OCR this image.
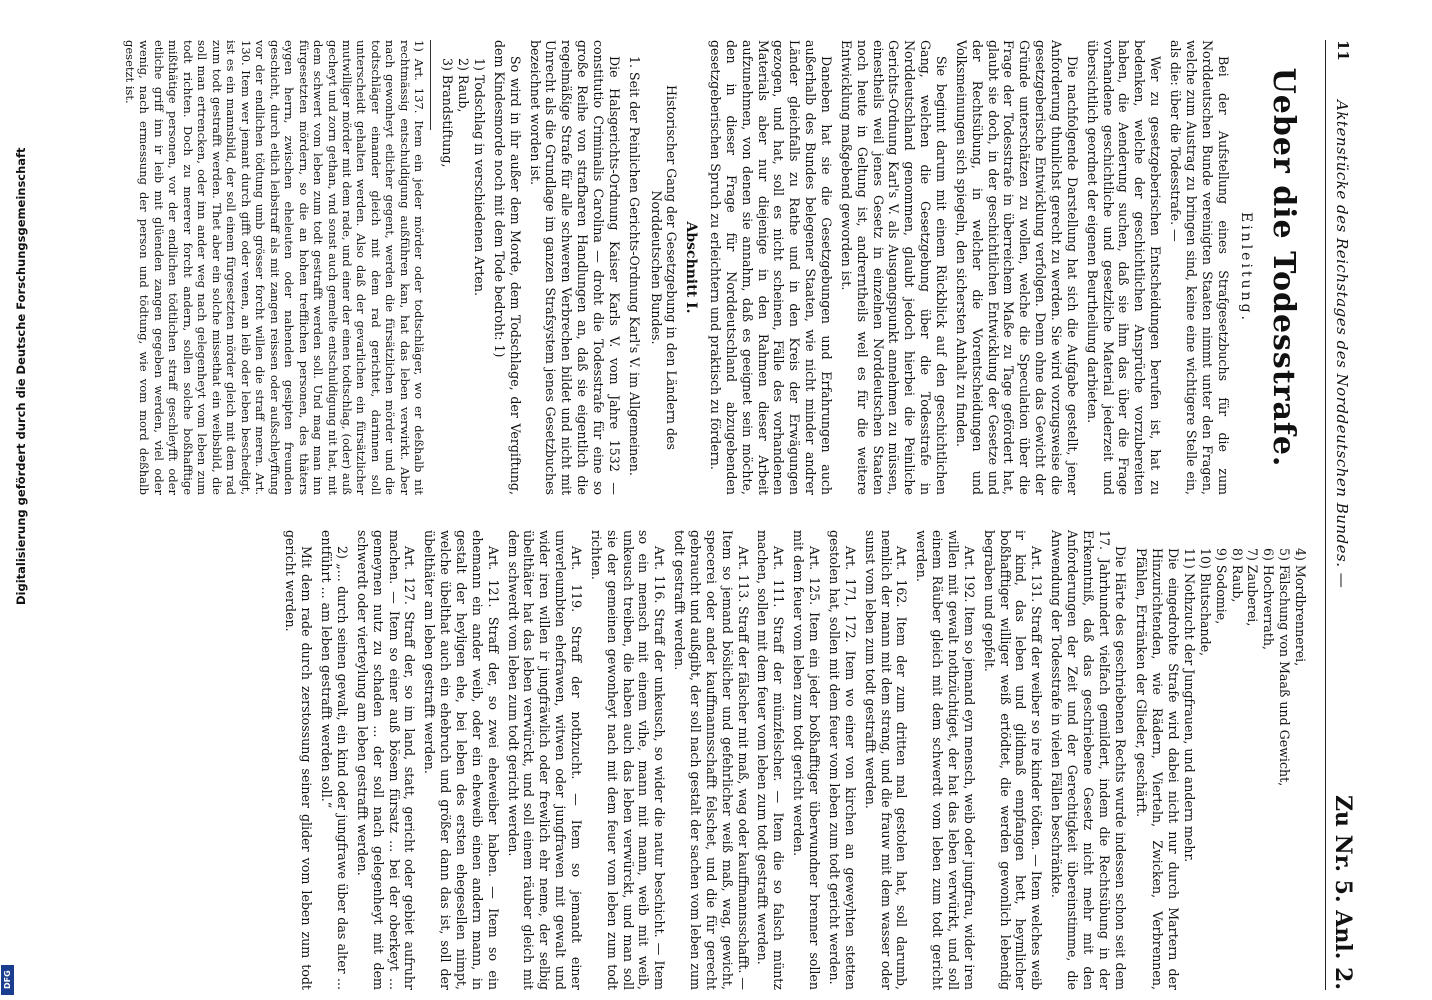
Digitalisierung gefördert durch die Deutsche Forschungsgemeinschaft
DFG
11
Aktenstücke des Reichstages des Norddeutschen Bundes. —
Zu Nr. 5. Anl. 2.
Ueber die Todesstrafe.
Einleitung.

Bei der Aufstellung eines Strafgesetzbuchs für die zum Norddeutschen Bunde vereinigten Staaten nimmt unter den Fragen, welche zum Austrag zu bringen sind, keine eine wichtigere Stelle ein, als die: über die Todesstrafe. —

Wer zu gesetzgeberischen Entscheidungen berufen ist, hat zu bedenken, welche der geschichtlichen Ansprüche vorzubereiten haben, die Aenderung suchen, daß sie ihm das über die Frage vorhandene geschichtliche und gesetzliche Material jederzeit und übersichtlich geordnet der eigenen Beurtheilung darbieten.

Die nachfolgende Darstellung hat sich die Aufgabe gestellt, jener Anforderung thunlichst gerecht zu werden. Sie wird vorzugsweise die gesetzgeberische Entwicklung verfolgen. Denn ohne das Gewicht der Gründe unterschätzen zu wollen, welche die Speculation über die Frage der Todesstrafe in überreichem Maße zu Tage gefördert hat, glaubt sie doch, in der geschichtlichen Entwicklung der Gesetze und der Rechtsübung, in welcher die Vorentscheidungen und Volksmeinungen sich spiegeln, den sichersten Anhalt zu finden.

Sie beginnt darum mit einem Rückblick auf den geschichtlichen Gang, welchen die Gesetzgebung über die Todesstrafe in Norddeutschland genommen, glaubt jedoch hierbei die Peinliche Gerichts-Ordnung Karl's V. als Ausgangspunkt annehmen zu müssen, einestheils weil jenes Gesetz in einzelnen Norddeutschen Staaten noch heute in Geltung ist, andrerntheils weil es für die weitere Entwicklung maßgebend geworden ist.

Daneben hat sie die Gesetzgebungen und Erfahrungen auch außerhalb des Bundes belegener Staaten, wie nicht minder andrer Länder gleichfalls zu Rathe und in den Kreis der Erwägungen gezogen, und hat, soll es nicht scheinen, Fälle des vorhandenen Materials aber nur diejenige in den Rahmen dieser Arbeit aufzunehmen, von denen sie annahm, daß es geeignet sein möchte, den in dieser Frage für Norddeutschland abzugebenden gesetzgeberischen Spruch zu erleichtern und praktisch zu fördern.

Abschnitt I.
Historischer Gang der Gesetzgebung in den Ländern des Norddeutschen Bundes.

1. Seit der Peinlichen Gerichts-Ordnung Karl's V. im Allgemeinen.

Die Halsgerichts-Ordnung Kaiser Karls V. vom Jahre 1532 — constitutio Criminalis Carolina — droht die Todesstrafe für eine so große Reihe von strafbaren Handlungen an, daß sie eigentlich die regelmäßige Strafe für alle schweren Verbrechen bildet und nicht mit Unrecht als die Grundlage im ganzen Strafsystem jenes Gesetzbuches bezeichnet worden ist.

So wird in ihr außer dem Morde, dem Todschlage, der Vergiftung, dem Kindesmorde noch mit dem Tode bedroht: 1)

1) Todschlag in verschiedenen Arten.
2) Raub,
3) Brandstiftung,
1) Art. 137. Item ein jeder mörder oder todtschläger, wo er deßhalb nit rechtmässig entschuldigung außführen kan, hat das leben verwirkt. Aber nach gewonheyt etlicher gegent, werden die fürsätzlichen mörder und die todtschläger einander gleich mit dem rad gerichtet, darinnen soll unterscheidt gehalten werden. Also daß der gevarlichen ein fürsätzlicher mutwilliger mörder mit dem rade, und einer der einen todtschlag, (oder) auß gecheyt und zorn gethan, vnd sonst auch gemelte entschuldigung nit hat, mit dem schwert vom leben zum todt gestrafft werden soll. Und mag man inn fürgesetzten mördern, so die an hohen trefflichen personen, des thäters eygen herrn, zwischen eheleuten oder nahenden gesipten freunden geschicht, durch etlich leibstraff als mit zangen reissen oder außschleyffung vor der endlichen tödtung umb grösser forcht willen die straff meren. Art. 130. Item wer jemant durch gifft oder venen, an leib oder leben beschedigt, ist es ein mannsbild, der soll einem fürgesetzten mörder gleich mit dem rad zum todt gestrafft werden. Thet aber ein solche missethat ein weibsbild, die soll man ertrencken, oder inn ander weg nach gelegenheyt vom leben zum todt richten. Doch zu mererer forcht andern, sollen solche boßhafftige mißthätige personen, vor der endlichen tödtlichen straff geschleyfft oder etliche griff inn ir leib mit glüenden zangen gegeben werden, viel oder wenig, nach ermessung der person und tödtung, wie vom mord deßhalb gesetzt ist.
4) Mordbrennerei,
5) Fälschung von Maaß und Gewicht,
6) Hochverrath,
7) Zauberei,
8) Raub,
9) Sodomie,
10) Blutschande,
11) Nothzucht der Jungfrauen, und andern mehr.
Die eingedrohte Strafe wird dabei nicht nur durch Martern der Hinzurichtenden, wie Rädern, Vierteln, Zwicken, Verbrennen, Pfählen, Ertränken der Glieder, geschärft.

Die Härte des geschriebenen Rechts wurde indessen schon seit dem 17. Jahrhundert vielfach gemildert, indem die Rechtsübung in der Erkenntniß, daß das geschriebene Gesetz nicht mehr mit den Anforderungen der Zeit und der Gerechtigkeit übereinstimme, die Anwendung der Todesstrafe in vielen Fällen beschränkte.

Art. 131. Straff der weiber so ire kinder tödten. — Item welches weib ir kind, das leben und glidmaß empfangen hett, heymlicher boßhafftiger williger weiß ertödtet, die werden gewonlich lebendig begraben und gepfelt.

Art. 192. Item so jemand eyn mensch, weib oder jungfrau, wider iren willen mit gewalt nothzüchtiget, der hat das leben verwürkt, und soll einem Räuber gleich mit dem schwerdt vom leben zum todt gericht werden.

Art. 162. Item der zum dritten mal gestolen hat, soll darumb, nemlich der mann mit dem strang, und die frauw mit dem wasser oder sunst vom leben zum todt gestrafft werden.

Art. 171, 172. Item wo einer von kirchen an geweyhten stetten gestolen hat, sollen mit dem feuer vom leben zum todt gericht werden.

Art. 125. Item ein jeder boßhafftiger überwundner brenner sollen mit dem feuer vom leben zum todt gericht werden.

Art. 111. Straff der münzfelscher. — Item die so falsch müntz machen, sollen mit dem feuer vom leben zum todt gestrafft werden.

Art. 113. Straff der fälscher mit maß, wag oder kauffmannsschafft. — Item so jemand böslicher und gefehrlicher weiß maß, wag, gewicht, specerei oder ander kauffmannsschafft felschet, und die für gerecht gebraucht und außgibt, der soll nach gestalt der sachen vom leben zum todt gestrafft werden.

Art. 116. Straff der unkeusch, so wider die natur beschicht. — Item so ein mensch mit einem vihe, mann mit mann, weib mit weib, unkeusch treiben, die haben auch das leben verwürckt, und man soll sie der gemeinen gewonheyt nach mit dem feuer vom leben zum todt richten.

Art. 119. Straff der nothzucht. — Item so jemandt einer unverleumbten ehefrawen, witwen oder jungfrawen mit gewalt und wider iren willen ir jungfräwlich oder frewlich ehr neme, der selbig übelthäter hat das leben verwürckt, und soll einem räuber gleich mit dem schwerdt vom leben zum todt gericht werden.

Art. 121. Straff der, so zwei eheweiber haben. — Item so ein ehemann ein ander weib, oder ein eheweib einen andern mann, in gestalt der heyligen ehe, bei leben des ersten ehegesellen nimpt, welche übelthat auch ein ehebruch und größer dann das ist, soll der übelthäter am leben gestrafft werden.

Art. 127. Straff der, so im land, statt, gericht oder gebiet aufruhr machen. — Item so einer auß bösem fürsatz ... bei der oberkeyt ... gemeynen nutz zu schaden ... der soll nach gelegenheyt mit dem schwerdt oder vierteylung am leben gestrafft werden.

2) „... durch seinen gewalt, ein kind oder jungfrawe über das alter ... entführt ... am leben gestrafft werden soll.“

Mit dem rade durch zerstossung seiner glider vom leben zum todt gericht werden.
